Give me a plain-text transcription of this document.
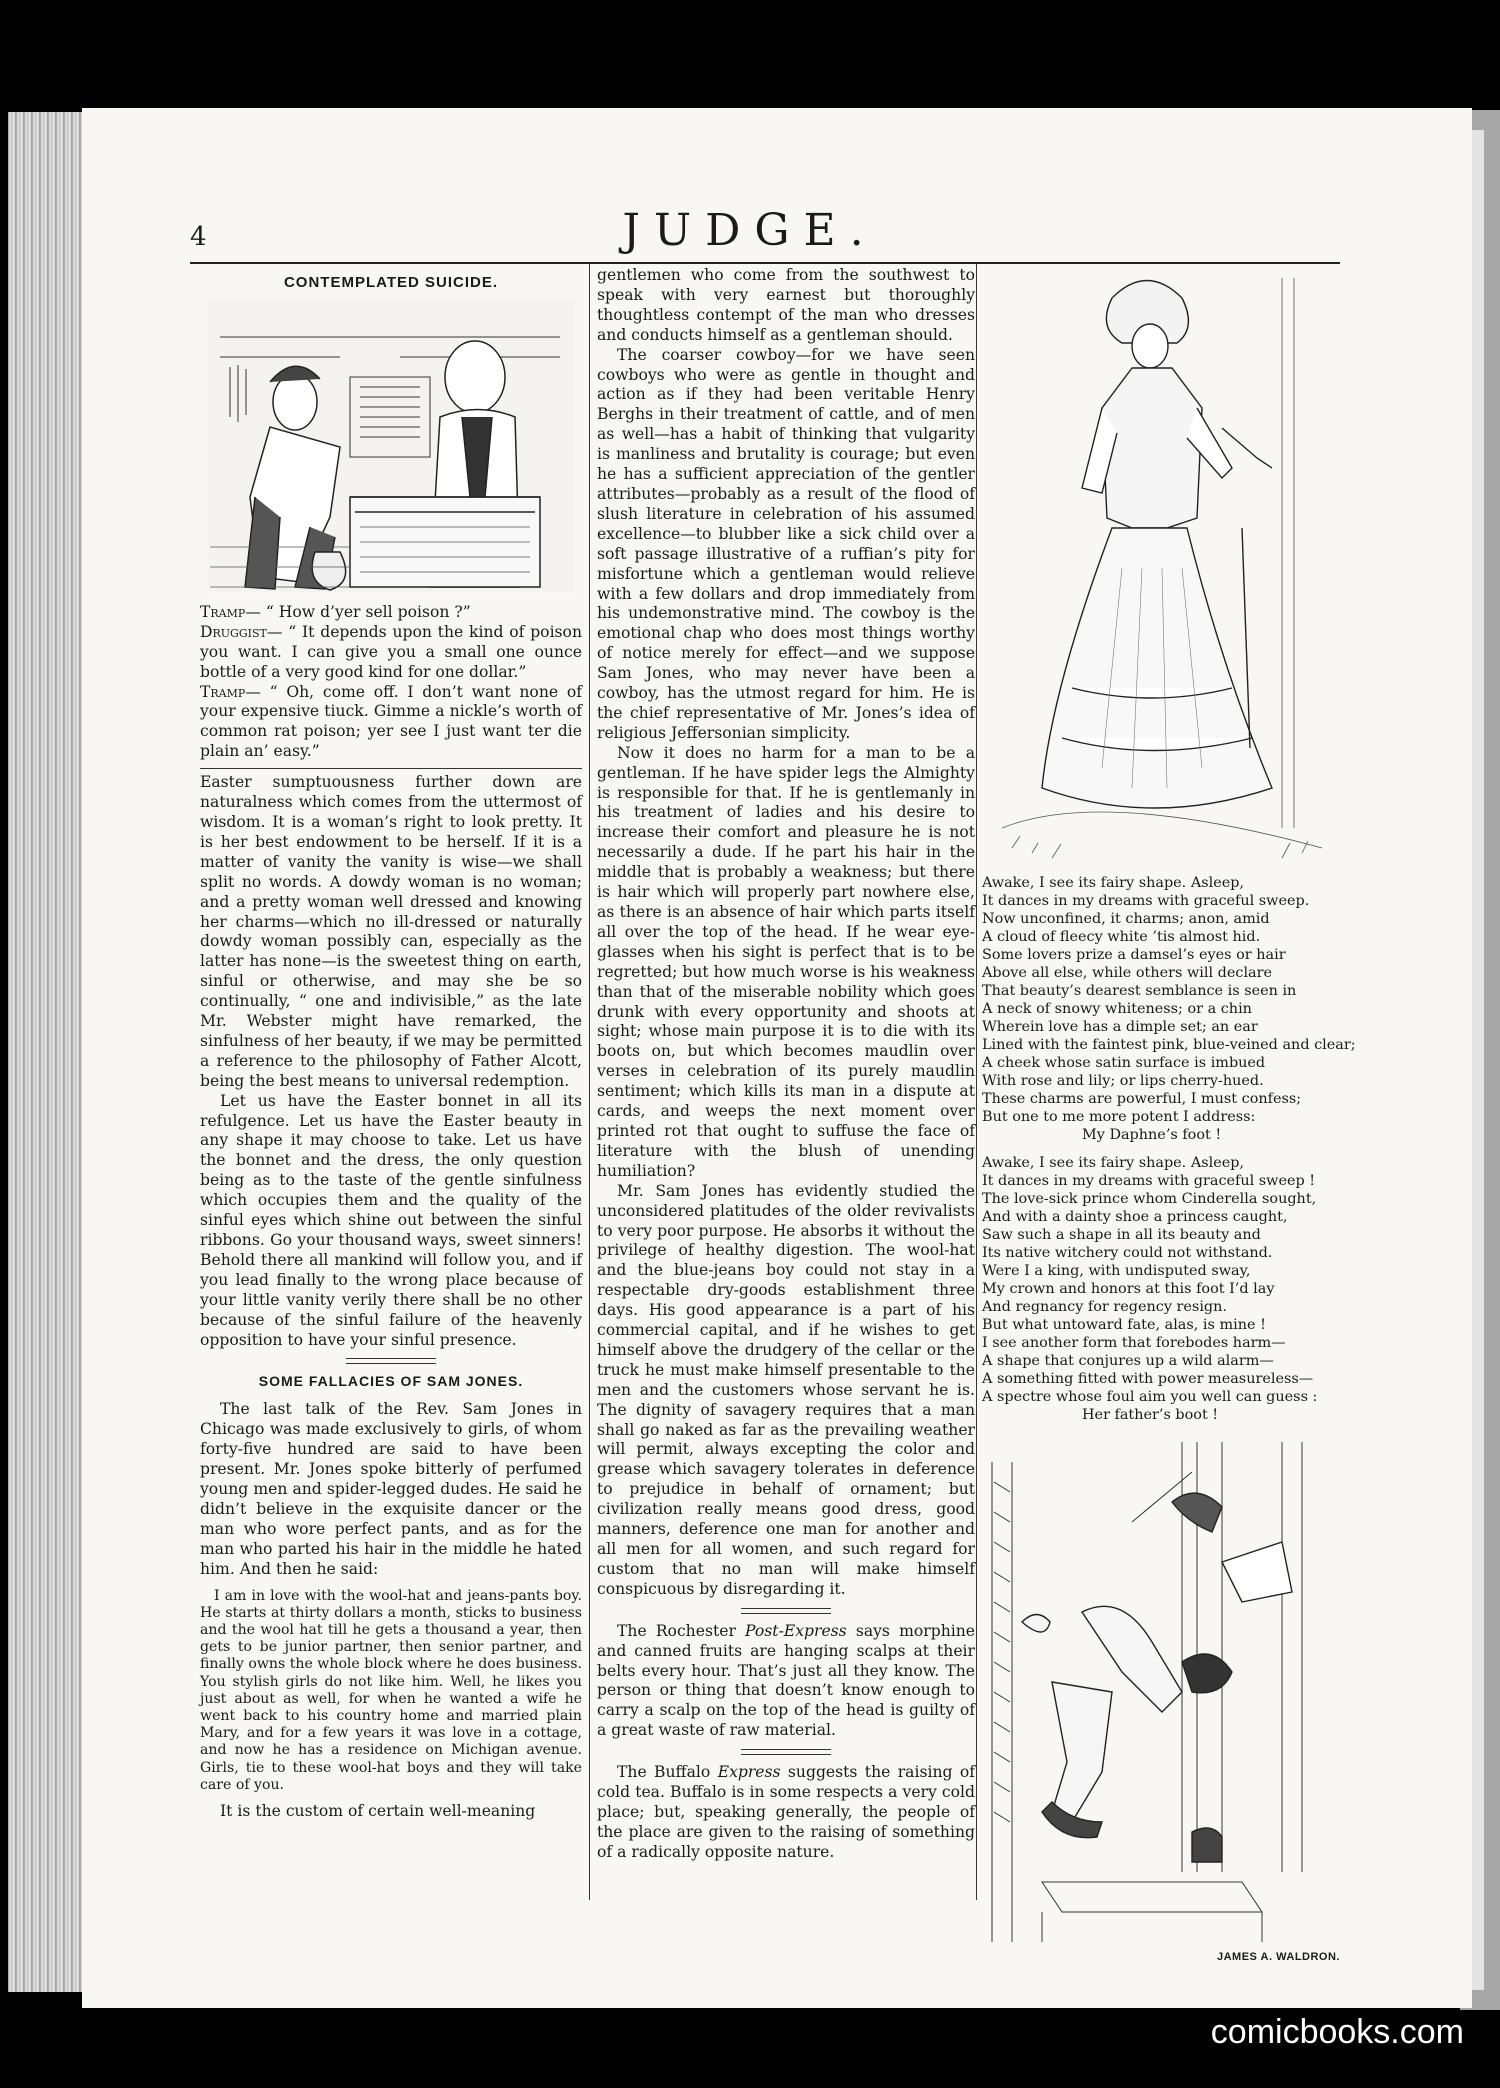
4	JUDGE.
CONTEMPLATED SUICIDE.

Tramp— “ How d’yer sell poison ?”

Druggist— “ It depends upon the kind of poison you want. I can give you a small one ounce bottle of a very good kind for one dollar.”

Tramp— “ Oh, come off. I don’t want none of your expensive tiuck. Gimme a nickle’s worth of common rat poison; yer see I just want ter die plain an’ easy.”

Easter sumptuousness further down are naturalness which comes from the uttermost of wisdom. It is a woman’s right to look pretty. It is her best endowment to be herself. If it is a matter of vanity the vanity is wise—we shall split no words. A dowdy woman is no woman; and a pretty woman well dressed and knowing her charms—which no ill-dressed or naturally dowdy woman possibly can, especially as the latter has none—is the sweetest thing on earth, sinful or otherwise, and may she be so continually, “ one and indivisible,” as the late Mr. Webster might have remarked, the sinfulness of her beauty, if we may be permitted a reference to the philosophy of Father Alcott, being the best means to universal redemption.

Let us have the Easter bonnet in all its refulgence. Let us have the Easter beauty in any shape it may choose to take. Let us have the bonnet and the dress, the only question being as to the taste of the gentle sinfulness which occupies them and the quality of the sinful eyes which shine out between the sinful ribbons. Go your thousand ways, sweet sinners! Behold there all mankind will follow you, and if you lead finally to the wrong place because of your little vanity verily there shall be no other because of the sinful failure of the heavenly opposition to have your sinful presence.

SOME FALLACIES OF SAM JONES.

The last talk of the Rev. Sam Jones in Chicago was made exclusively to girls, of whom forty-five hundred are said to have been present. Mr. Jones spoke bitterly of perfumed young men and spider-legged dudes. He said he didn’t believe in the exquisite dancer or the man who wore perfect pants, and as for the man who parted his hair in the middle he hated him. And then he said:

I am in love with the wool-hat and jeans-pants boy. He starts at thirty dollars a month, sticks to business and the wool hat till he gets a thousand a year, then gets to be junior partner, then senior partner, and finally owns the whole block where he does business. You stylish girls do not like him. Well, he likes you just about as well, for when he wanted a wife he went back to his country home and married plain Mary, and for a few years it was love in a cottage, and now he has a residence on Michigan avenue. Girls, tie to these wool-hat boys and they will take care of you.

It is the custom of certain well-meaning

gentlemen who come from the southwest to speak with very earnest but thoroughly thoughtless contempt of the man who dresses and conducts himself as a gentleman should.

The coarser cowboy—for we have seen cowboys who were as gentle in thought and action as if they had been veritable Henry Berghs in their treatment of cattle, and of men as well—has a habit of thinking that vulgarity is manliness and brutality is courage; but even he has a sufficient appreciation of the gentler attributes—probably as a result of the flood of slush literature in celebration of his assumed excellence—to blubber like a sick child over a soft passage illustrative of a ruffian’s pity for misfortune which a gentleman would relieve with a few dollars and drop immediately from his undemonstrative mind. The cowboy is the emotional chap who does most things worthy of notice merely for effect—and we suppose Sam Jones, who may never have been a cowboy, has the utmost regard for him. He is the chief representative of Mr. Jones’s idea of religious Jeffersonian simplicity.

Now it does no harm for a man to be a gentleman. If he have spider legs the Almighty is responsible for that. If he is gentlemanly in his treatment of ladies and his desire to increase their comfort and pleasure he is not necessarily a dude. If he part his hair in the middle that is probably a weakness; but there is hair which will properly part nowhere else, as there is an absence of hair which parts itself all over the top of the head. If he wear eye-glasses when his sight is perfect that is to be regretted; but how much worse is his weakness than that of the miserable nobility which goes drunk with every opportunity and shoots at sight; whose main purpose it is to die with its boots on, but which becomes maudlin over verses in celebration of its purely maudlin sentiment; which kills its man in a dispute at cards, and weeps the next moment over printed rot that ought to suffuse the face of literature with the blush of unending humiliation?

Mr. Sam Jones has evidently studied the unconsidered platitudes of the older revivalists to very poor purpose. He absorbs it without the privilege of healthy digestion. The wool-hat and the blue-jeans boy could not stay in a respectable dry-goods establishment three days. His good appearance is a part of his commercial capital, and if he wishes to get himself above the drudgery of the cellar or the truck he must make himself presentable to the men and the customers whose servant he is. The dignity of savagery requires that a man shall go naked as far as the prevailing weather will permit, always excepting the color and grease which savagery tolerates in deference to prejudice in behalf of ornament; but civilization really means good dress, good manners, deference one man for another and all men for all women, and such regard for custom that no man will make himself conspicuous by disregarding it.

The Rochester Post-Express says morphine and canned fruits are hanging scalps at their belts every hour. That’s just all they know. The person or thing that doesn’t know enough to carry a scalp on the top of the head is guilty of a great waste of raw material.

The Buffalo Express suggests the raising of cold tea. Buffalo is in some respects a very cold place; but, speaking generally, the people of the place are given to the raising of something of a radically opposite nature.

Awake, I see its fairy shape. Asleep,
It dances in my dreams with graceful sweep.
Now unconfined, it charms; anon, amid
A cloud of fleecy white ’tis almost hid.
Some lovers prize a damsel’s eyes or hair
Above all else, while others will declare
That beauty’s dearest semblance is seen in
A neck of snowy whiteness; or a chin
Wherein love has a dimple set; an ear
Lined with the faintest pink, blue-veined and clear;
A cheek whose satin surface is imbued
With rose and lily; or lips cherry-hued.
These charms are powerful, I must confess;
But one to me more potent I address:
My Daphne’s foot !
Awake, I see its fairy shape. Asleep,
It dances in my dreams with graceful sweep !
The love-sick prince whom Cinderella sought,
And with a dainty shoe a princess caught,
Saw such a shape in all its beauty and
Its native witchery could not withstand.
Were I a king, with undisputed sway,
My crown and honors at this foot I’d lay
And regnancy for regency resign.
But what untoward fate, alas, is mine !
I see another form that forebodes harm—
A shape that conjures up a wild alarm—
A something fitted with power measureless—
A spectre whose foul aim you well can guess :
Her father’s boot !
JAMES A. WALDRON.
comicbooks.com
